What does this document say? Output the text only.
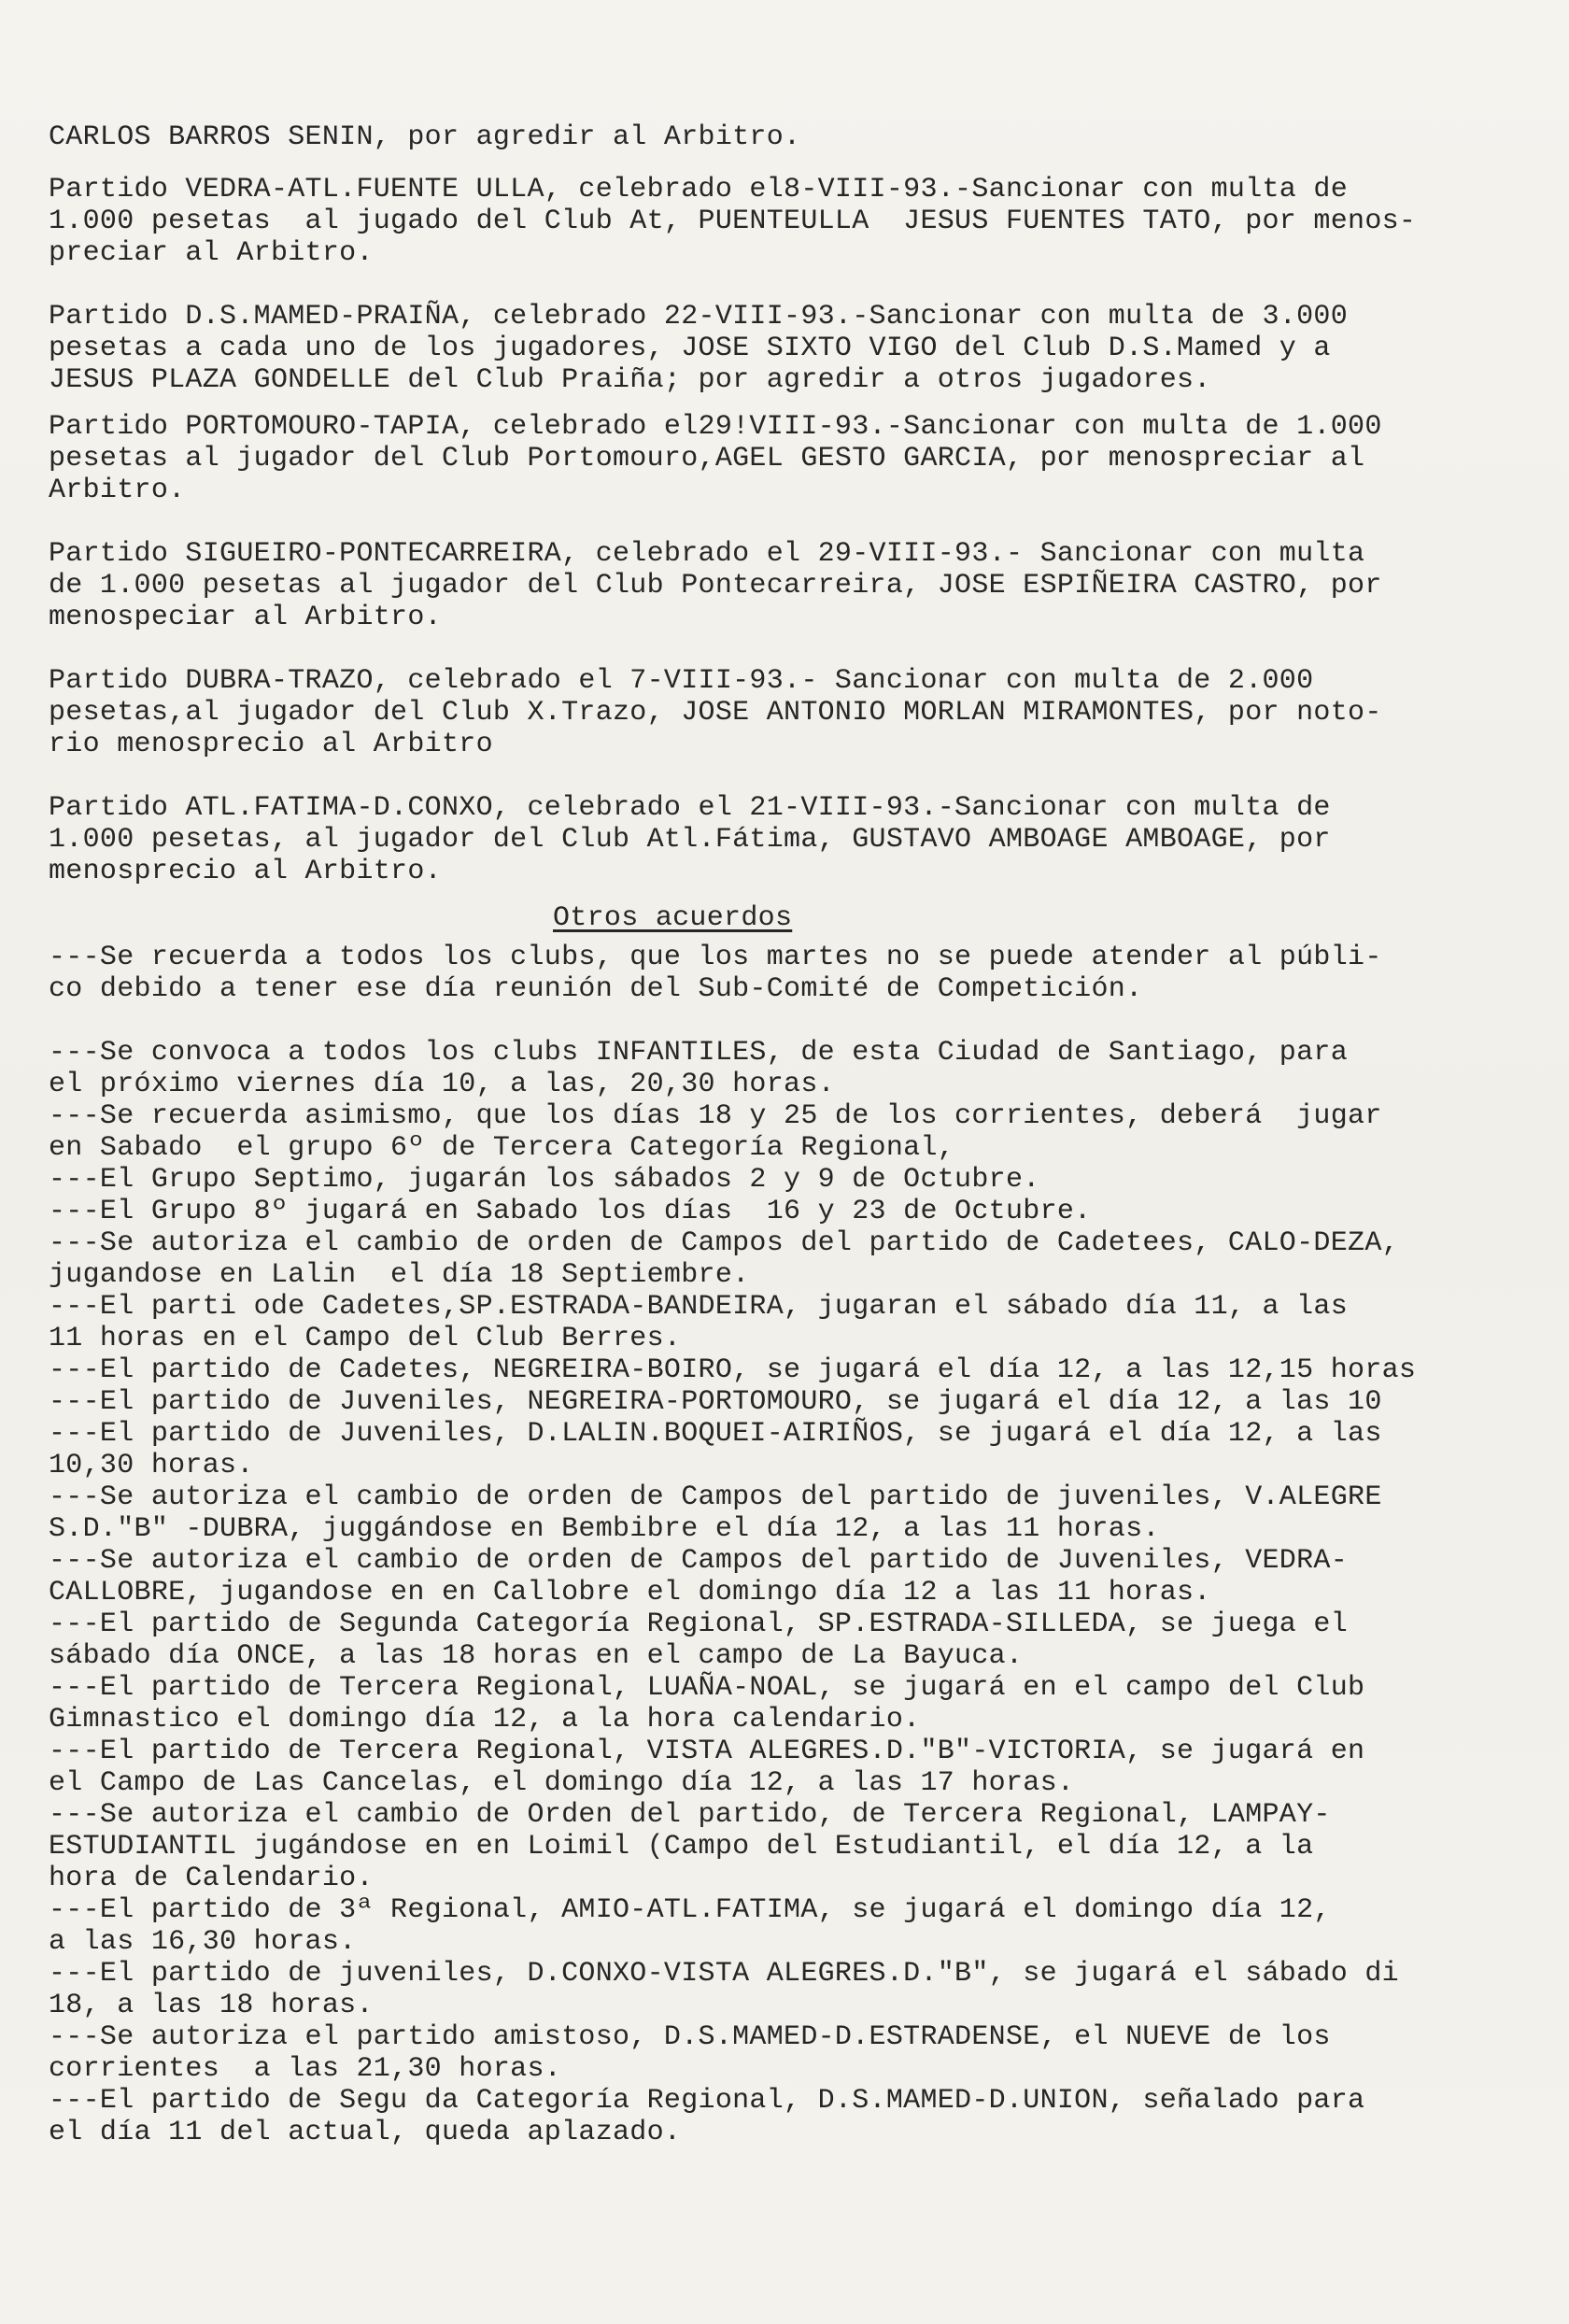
CARLOS BARROS SENIN, por agredir al Arbitro.
Partido VEDRA-ATL.FUENTE ULLA, celebrado el8-VIII-93.-Sancionar con multa de
1.000 pesetas  al jugado del Club At, PUENTEULLA  JESUS FUENTES TATO, por menos-
preciar al Arbitro.
Partido D.S.MAMED-PRAIÑA, celebrado 22-VIII-93.-Sancionar con multa de 3.000
pesetas a cada uno de los jugadores, JOSE SIXTO VIGO del Club D.S.Mamed y a
JESUS PLAZA GONDELLE del Club Praiña; por agredir a otros jugadores.
Partido PORTOMOURO-TAPIA, celebrado el29!VIII-93.-Sancionar con multa de 1.000
pesetas al jugador del Club Portomouro,AGEL GESTO GARCIA, por menospreciar al
Arbitro.
Partido SIGUEIRO-PONTECARREIRA, celebrado el 29-VIII-93.- Sancionar con multa
de 1.000 pesetas al jugador del Club Pontecarreira, JOSE ESPIÑEIRA CASTRO, por
menospeciar al Arbitro.
Partido DUBRA-TRAZO, celebrado el 7-VIII-93.- Sancionar con multa de 2.000
pesetas,al jugador del Club X.Trazo, JOSE ANTONIO MORLAN MIRAMONTES, por noto-
rio menosprecio al Arbitro
Partido ATL.FATIMA-D.CONXO, celebrado el 21-VIII-93.-Sancionar con multa de
1.000 pesetas, al jugador del Club Atl.Fátima, GUSTAVO AMBOAGE AMBOAGE, por
menosprecio al Arbitro.
Otros acuerdos
---Se recuerda a todos los clubs, que los martes no se puede atender al públi-
co debido a tener ese día reunión del Sub-Comité de Competición.
---Se convoca a todos los clubs INFANTILES, de esta Ciudad de Santiago, para
el próximo viernes día 10, a las, 20,30 horas.
---Se recuerda asimismo, que los días 18 y 25 de los corrientes, deberá  jugar
en Sabado  el grupo 6º de Tercera Categoría Regional,
---El Grupo Septimo, jugarán los sábados 2 y 9 de Octubre.
---El Grupo 8º jugará en Sabado los días  16 y 23 de Octubre.
---Se autoriza el cambio de orden de Campos del partido de Cadetees, CALO-DEZA,
jugandose en Lalin  el día 18 Septiembre.
---El parti ode Cadetes,SP.ESTRADA-BANDEIRA, jugaran el sábado día 11, a las
11 horas en el Campo del Club Berres.
---El partido de Cadetes, NEGREIRA-BOIRO, se jugará el día 12, a las 12,15 horas
---El partido de Juveniles, NEGREIRA-PORTOMOURO, se jugará el día 12, a las 10
---El partido de Juveniles, D.LALIN.BOQUEI-AIRIÑOS, se jugará el día 12, a las
10,30 horas.
---Se autoriza el cambio de orden de Campos del partido de juveniles, V.ALEGRE
S.D."B" -DUBRA, juggándose en Bembibre el día 12, a las 11 horas.
---Se autoriza el cambio de orden de Campos del partido de Juveniles, VEDRA-
CALLOBRE, jugandose en en Callobre el domingo día 12 a las 11 horas.
---El partido de Segunda Categoría Regional, SP.ESTRADA-SILLEDA, se juega el
sábado día ONCE, a las 18 horas en el campo de La Bayuca.
---El partido de Tercera Regional, LUAÑA-NOAL, se jugará en el campo del Club
Gimnastico el domingo día 12, a la hora calendario.
---El partido de Tercera Regional, VISTA ALEGRES.D."B"-VICTORIA, se jugará en
el Campo de Las Cancelas, el domingo día 12, a las 17 horas.
---Se autoriza el cambio de Orden del partido, de Tercera Regional, LAMPAY-
ESTUDIANTIL jugándose en en Loimil (Campo del Estudiantil, el día 12, a la
hora de Calendario.
---El partido de 3ª Regional, AMIO-ATL.FATIMA, se jugará el domingo día 12,
a las 16,30 horas.
---El partido de juveniles, D.CONXO-VISTA ALEGRES.D."B", se jugará el sábado di
18, a las 18 horas.
---Se autoriza el partido amistoso, D.S.MAMED-D.ESTRADENSE, el NUEVE de los
corrientes  a las 21,30 horas.
---El partido de Segu da Categoría Regional, D.S.MAMED-D.UNION, señalado para
el día 11 del actual, queda aplazado.
